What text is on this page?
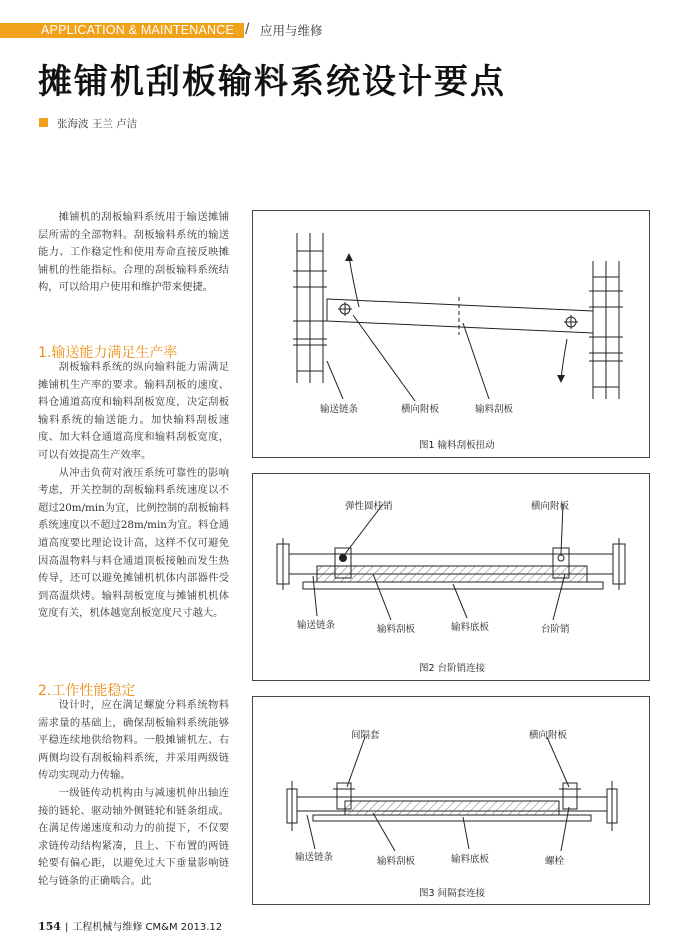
APPLICATION & MAINTENANCE / 应用与维修
摊铺机刮板输料系统设计要点
张海波 王兰 卢洁

摊铺机的刮板输料系统用于输送摊铺层所需的全部物料。刮板输料系统的输送能力、工作稳定性和使用寿命直接反映摊铺机的性能指标。合理的刮板输料系统结构，可以给用户使用和维护带来便捷。

1.输送能力满足生产率

刮板输料系统的纵向输料能力需满足摊铺机生产率的要求。输料刮板的速度、料仓通道高度和输料刮板宽度，决定刮板输料系统的输送能力。加快输料刮板速度、加大料仓通道高度和输料刮板宽度，可以有效提高生产效率。

从冲击负荷对液压系统可靠性的影响考虑，开关控制的刮板输料系统速度以不超过20m/min为宜，比例控制的刮板输料系统速度以不超过28m/min为宜。料仓通道高度要比理论设计高，这样不仅可避免因高温物料与料仓通道顶板接触而发生热传导，还可以避免摊铺机机体内部器件受到高温烘烤。输料刮板宽度与摊铺机机体宽度有关，机体越宽刮板宽度尺寸越大。

2.工作性能稳定

设计时，应在满足螺旋分料系统物料需求量的基础上，确保刮板输料系统能够平稳连续地供给物料。一般摊铺机左、右两侧均设有刮板输料系统，并采用两级链传动实现动力传输。

一级链传动机构由与减速机伸出轴连接的链轮、驱动轴外侧链轮和链条组成。在满足传递速度和动力的前提下，不仅要求链传动结构紧凑，且上、下布置的两链轮要有偏心距，以避免过大下垂量影响链轮与链条的正确啮合。此

输送链条	横向附板	输料刮板
图1 输料刮板扭动
弹性圆柱销	横向附板
输送链条	输料刮板	输料底板	台阶销
图2 台阶销连接
间隔套	横向附板
输送链条	输料刮板	输料底板	螺栓
图3 间隔套连接
154 | 工程机械与维修 CM&M 2013.12
